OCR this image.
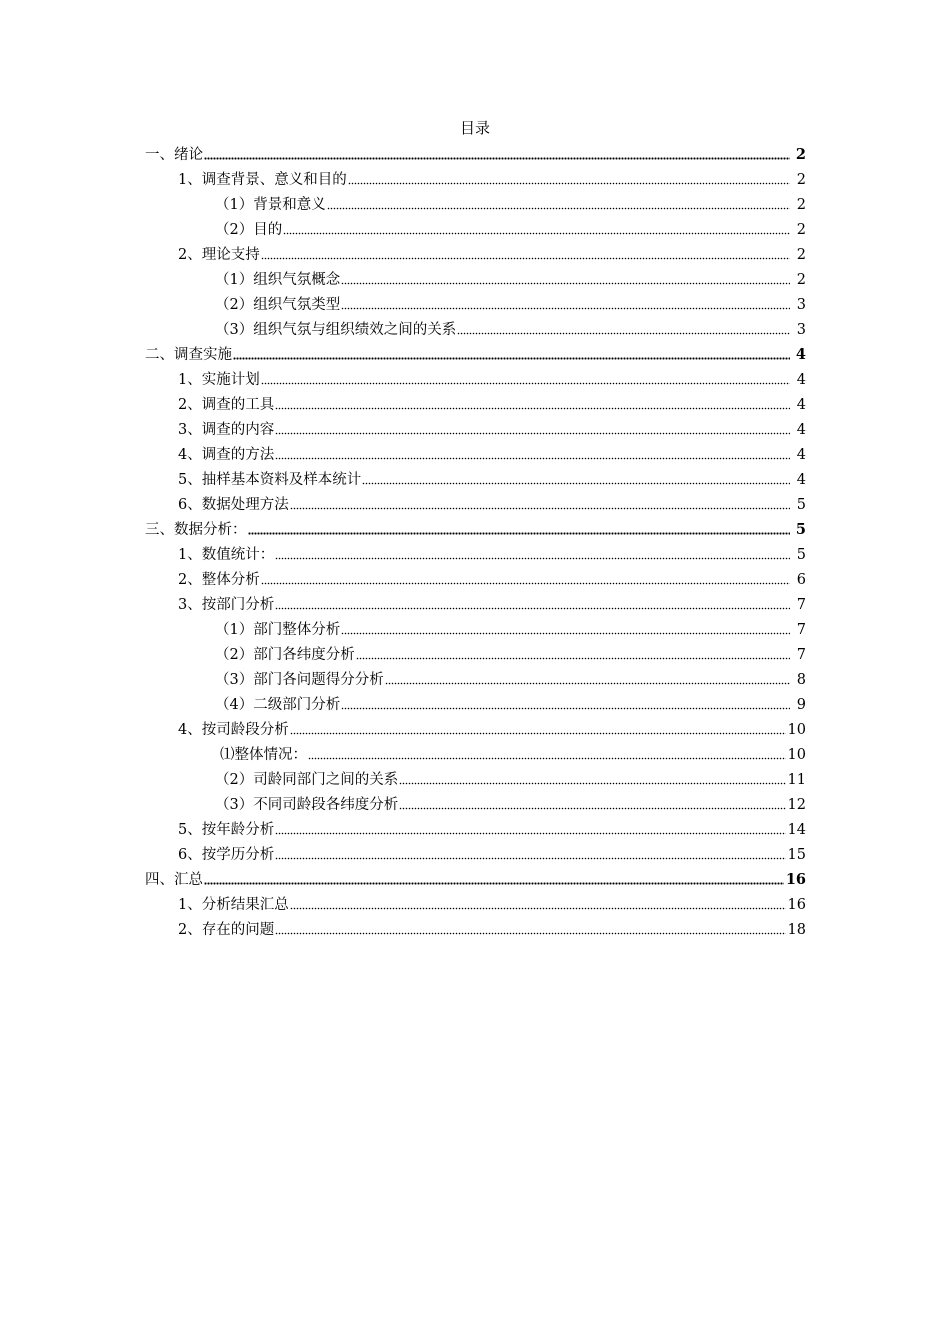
目录
一、绪论	2
1、调查背景、意义和目的	2
（1）背景和意义	2
（2）目的	2
2、理论支持	2
（1）组织气氛概念	2
（2）组织气氛类型	3
（3）组织气氛与组织绩效之间的关系	3
二、调查实施	4
1、实施计划	4
2、调查的工具	4
3、调查的内容	4
4、调查的方法	4
5、抽样基本资料及样本统计	4
6、数据处理方法	5
三、数据分析：	5
1、数值统计：	5
2、整体分析	6
3、按部门分析	7
（1）部门整体分析	7
（2）部门各纬度分析	7
（3）部门各问题得分分析	8
（4）二级部门分析	9
4、按司龄段分析	10
⑴整体情况：	10
（2）司龄同部门之间的关系	11
（3）不同司龄段各纬度分析	12
5、按年龄分析	14
6、按学历分析	15
四、汇总	16
1、分析结果汇总	16
2、存在的问题	18
